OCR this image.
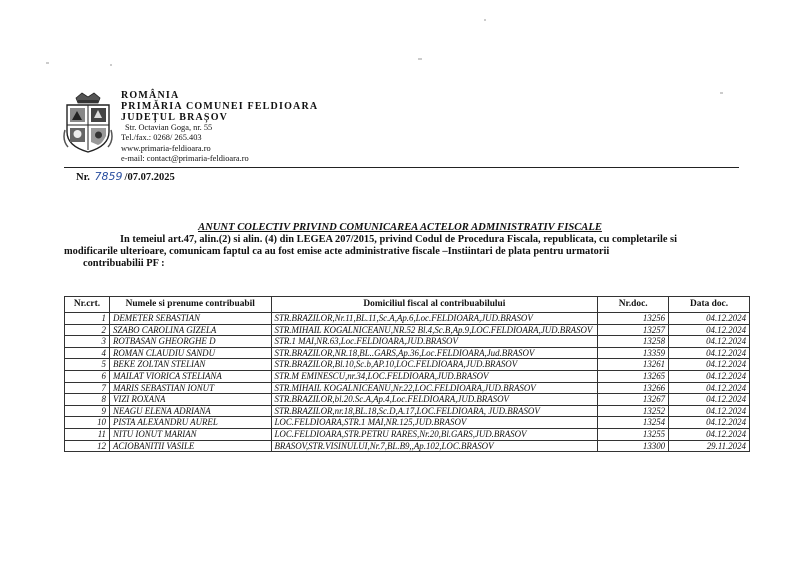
ROMÂNIA
PRIMĂRIA COMUNEI FELDIOARA
JUDEȚUL BRAȘOV
Str. Octavian Goga, nr. 55
Tel./fax.: 0268/ 265.403
www.primaria-feldioara.ro
e-mail: contact@primaria-feldioara.ro
Nr. 7859 /07.07.2025
ANUNT COLECTIV PRIVIND COMUNICAREA ACTELOR ADMINISTRATIV FISCALE

In temeiul art.47, alin.(2) si alin. (4) din LEGEA 207/2015, privind Codul de Procedura Fiscala, republicata, cu completarile si

modificarile ulterioare, comunicam faptul ca au fost emise acte administrative fiscale –Instiintari de plata pentru urmatorii

contribuabilii PF :

Nr.crt.	Numele si prenume contribuabil	Domiciliul fiscal al contribuabilului	Nr.doc.	Data doc.
1	DEMETER SEBASTIAN	STR.BRAZILOR,Nr.11,BL.11,Sc.A,Ap.6,Loc.FELDIOARA,JUD.BRASOV	13256	04.12.2024
2	SZABO CAROLINA GIZELA	STR.MIHAIL KOGALNICEANU,NR.52 Bl.4,Sc.B,Ap.9,LOC.FELDIOARA,JUD.BRASOV	13257	04.12.2024
3	ROTBASAN GHEORGHE D	STR.1 MAI,NR.63,Loc.FELDIOARA,JUD.BRASOV	13258	04.12.2024
4	ROMAN CLAUDIU SANDU	STR.BRAZILOR,NR.18,BL..GARS,Ap.36,Loc.FELDIOARA,Jud.BRASOV	13359	04.12.2024
5	BEKE ZOLTAN STELIAN	STR.BRAZILOR,Bl.10,Sc.b,AP.10,LOC.FELDIOARA,JUD.BRASOV	13261	04.12.2024
6	MAILAT VIORICA STELIANA	STR.M EMINESCU,nr.34,LOC.FELDIOARA,JUD.BRASOV	13265	04.12.2024
7	MARIS SEBASTIAN IONUT	STR.MIHAIL KOGALNICEANU,Nr.22,LOC.FELDIOARA,JUD.BRASOV	13266	04.12.2024
8	VIZI ROXANA	STR.BRAZILOR,bl.20.Sc.A,Ap.4,Loc.FELDIOARA,JUD.BRASOV	13267	04.12.2024
9	NEAGU ELENA ADRIANA	STR.BRAZILOR,nr.18,BL.18,Sc.D,A.17,LOC.FELDIOARA, JUD.BRASOV	13252	04.12.2024
10	PISTA ALEXANDRU AUREL	LOC.FELDIOARA,STR.1 MAI,NR.125,JUD.BRASOV	13254	04.12.2024
11	NITU IONUT MARIAN	LOC.FELDIOARA,STR.PETRU RARES,Nr.20,Bl.GARS,JUD.BRASOV	13255	04.12.2024
12	ACIOBANITII VASILE	BRASOV,STR.VISINULUI,Nr.7,BL.B9,,Ap.102,LOC.BRASOV	13300	29.11.2024
